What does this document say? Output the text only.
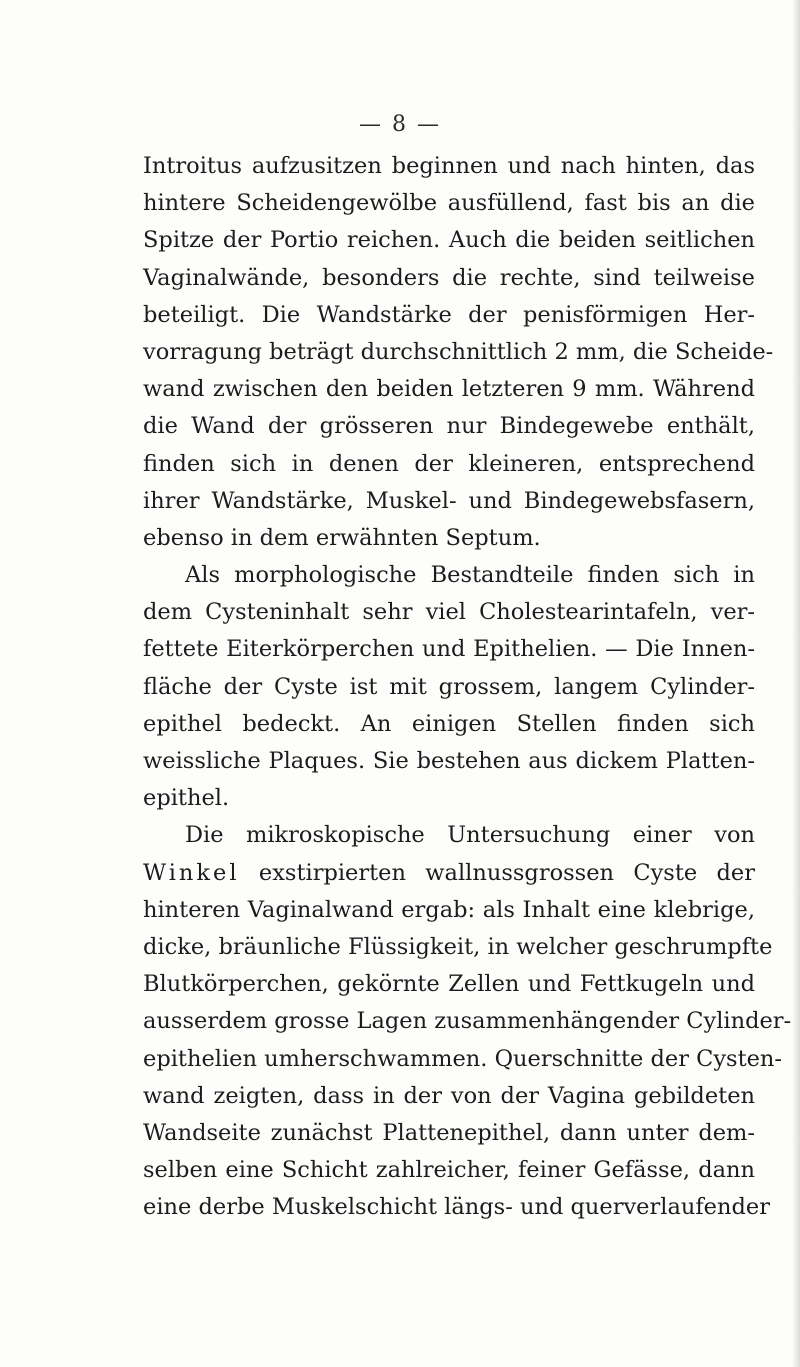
— 8 —
Introitus aufzusitzen beginnen und nach hinten, das
hintere Scheidengewölbe ausfüllend, fast bis an die
Spitze der Portio reichen. Auch die beiden seitlichen
Vaginalwände, besonders die rechte, sind teilweise
beteiligt. Die Wandstärke der penisförmigen Her-
vorragung beträgt durchschnittlich 2 mm, die Scheide-
wand zwischen den beiden letzteren 9 mm. Während
die Wand der grösseren nur Bindegewebe enthält,
finden sich in denen der kleineren, entsprechend
ihrer Wandstärke, Muskel- und Bindegewebsfasern,
ebenso in dem erwähnten Septum.
Als morphologische Bestandteile finden sich in
dem Cysteninhalt sehr viel Cholestearintafeln, ver-
fettete Eiterkörperchen und Epithelien. — Die Innen-
fläche der Cyste ist mit grossem, langem Cylinder-
epithel bedeckt. An einigen Stellen finden sich
weissliche Plaques. Sie bestehen aus dickem Platten-
epithel.
Die mikroskopische Untersuchung einer von
Winkel exstirpierten wallnussgrossen Cyste der
hinteren Vaginalwand ergab: als Inhalt eine klebrige,
dicke, bräunliche Flüssigkeit, in welcher geschrumpfte
Blutkörperchen, gekörnte Zellen und Fettkugeln und
ausserdem grosse Lagen zusammenhängender Cylinder-
epithelien umherschwammen. Querschnitte der Cysten-
wand zeigten, dass in der von der Vagina gebildeten
Wandseite zunächst Plattenepithel, dann unter dem-
selben eine Schicht zahlreicher, feiner Gefässe, dann
eine derbe Muskelschicht längs- und querverlaufender
